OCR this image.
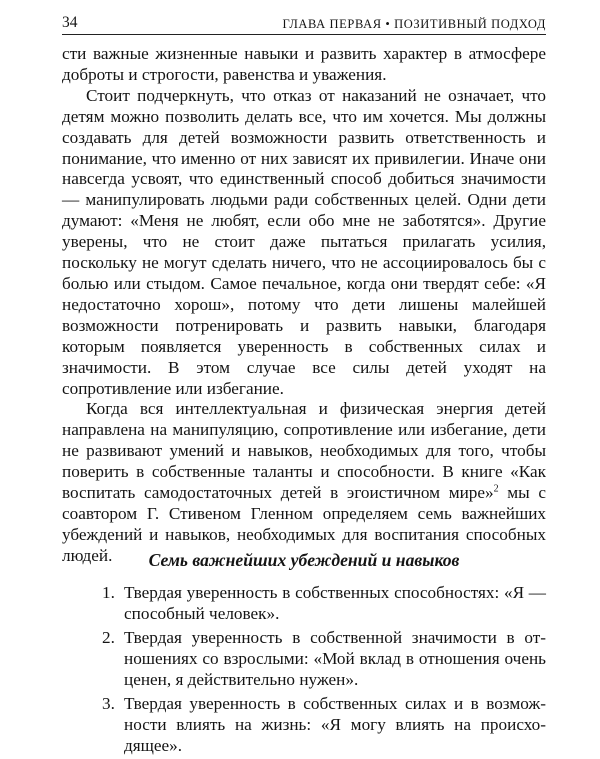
34	ГЛАВА ПЕРВАЯ • ПОЗИТИВНЫЙ ПОДХОД

сти важные жизненные навыки и развить характер в атмосфере доброты и строгости, равенства и уважения.

Стоит подчеркнуть, что отказ от наказаний не означает, что детям можно позволить делать все, что им хочется. Мы должны создавать для детей возможности развить ответственность и понимание, что именно от них зависят их привилегии. Иначе они навсегда усвоят, что единственный способ добиться значимости — манипулировать людьми ради собственных целей. Одни дети думают: «Меня не любят, если обо мне не заботятся». Другие уверены, что не стоит даже пытаться прилагать усилия, поскольку не могут сделать ничего, что не ассоциировалось бы с болью или стыдом. Самое печальное, когда они твердят себе: «Я недостаточно хорош», потому что дети лишены малейшей возможности потренировать и развить навыки, благодаря которым появляется уверенность в собственных силах и значимости. В этом случае все силы детей уходят на сопротивление или избегание.

Когда вся интеллектуальная и физическая энергия детей направлена на манипуляцию, сопротивление или избегание, дети не развивают умений и навыков, необходимых для того, чтобы поверить в собственные таланты и способности. В книге «Как воспитать самодостаточных детей в эгоистичном мире»$^2$ мы с соавтором Г. Стивеном Гленном определяем семь важнейших убеждений и навыков, необходимых для воспитания способных людей.	Семь важнейших убеждений и навыков
1. Твердая уверенность в собственных способностях: «Я — способный человек».
2. Твердая уверенность в собственной значимости в отношениях со взрослыми: «Мой вклад в отношения очень ценен, я действительно нужен».
3. Твердая уверенность в собственных силах и в возможности влиять на жизнь: «Я могу влиять на происходящее».
